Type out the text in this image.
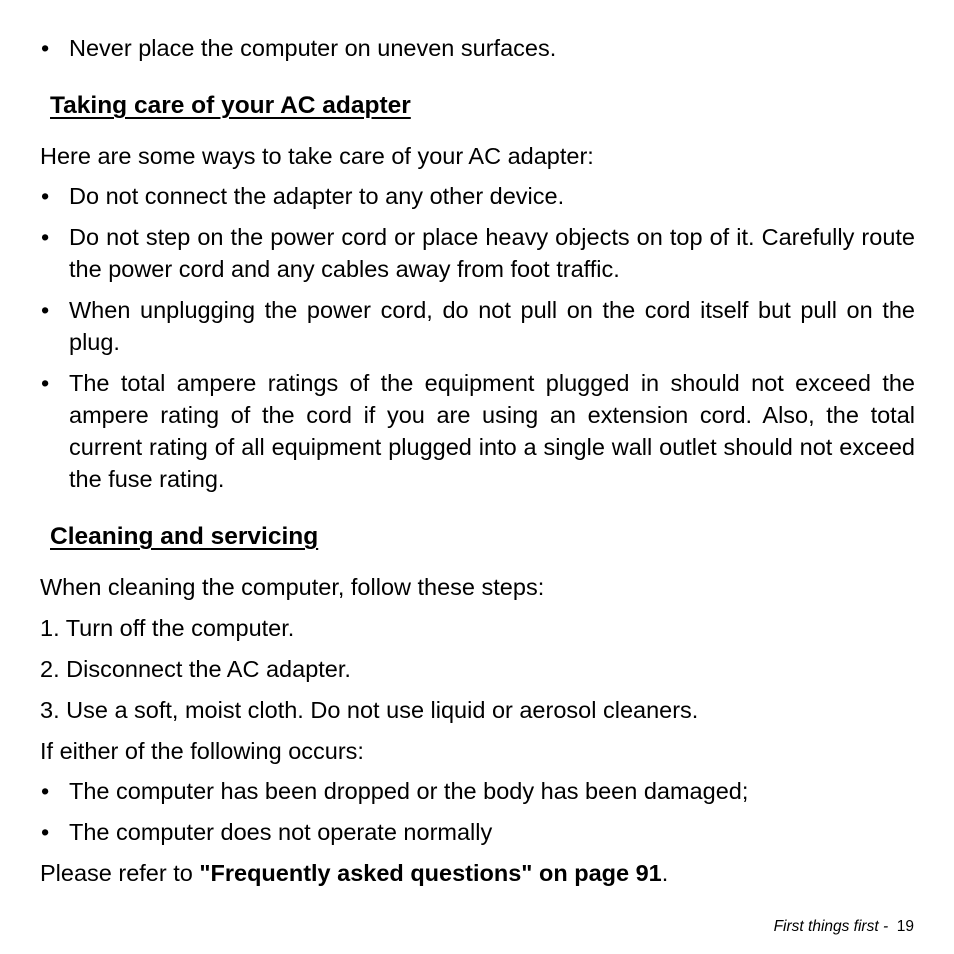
• Never place the computer on uneven surfaces.
Taking care of your AC adapter

Here are some ways to take care of your AC adapter:

• Do not connect the adapter to any other device.
• Do not step on the power cord or place heavy objects on top of it. Carefully route the power cord and any cables away from foot traffic.
• When unplugging the power cord, do not pull on the cord itself but pull on the plug.
• The total ampere ratings of the equipment plugged in should not exceed the ampere rating of the cord if you are using an extension cord. Also, the total current rating of all equipment plugged into a single wall outlet should not exceed the fuse rating.
Cleaning and servicing

When cleaning the computer, follow these steps:

1. Turn off the computer.

2. Disconnect the AC adapter.

3. Use a soft, moist cloth. Do not use liquid or aerosol cleaners.

If either of the following occurs:

• The computer has been dropped or the body has been damaged;
• The computer does not operate normally

Please refer to "Frequently asked questions" on page 91.

First things first -  19
